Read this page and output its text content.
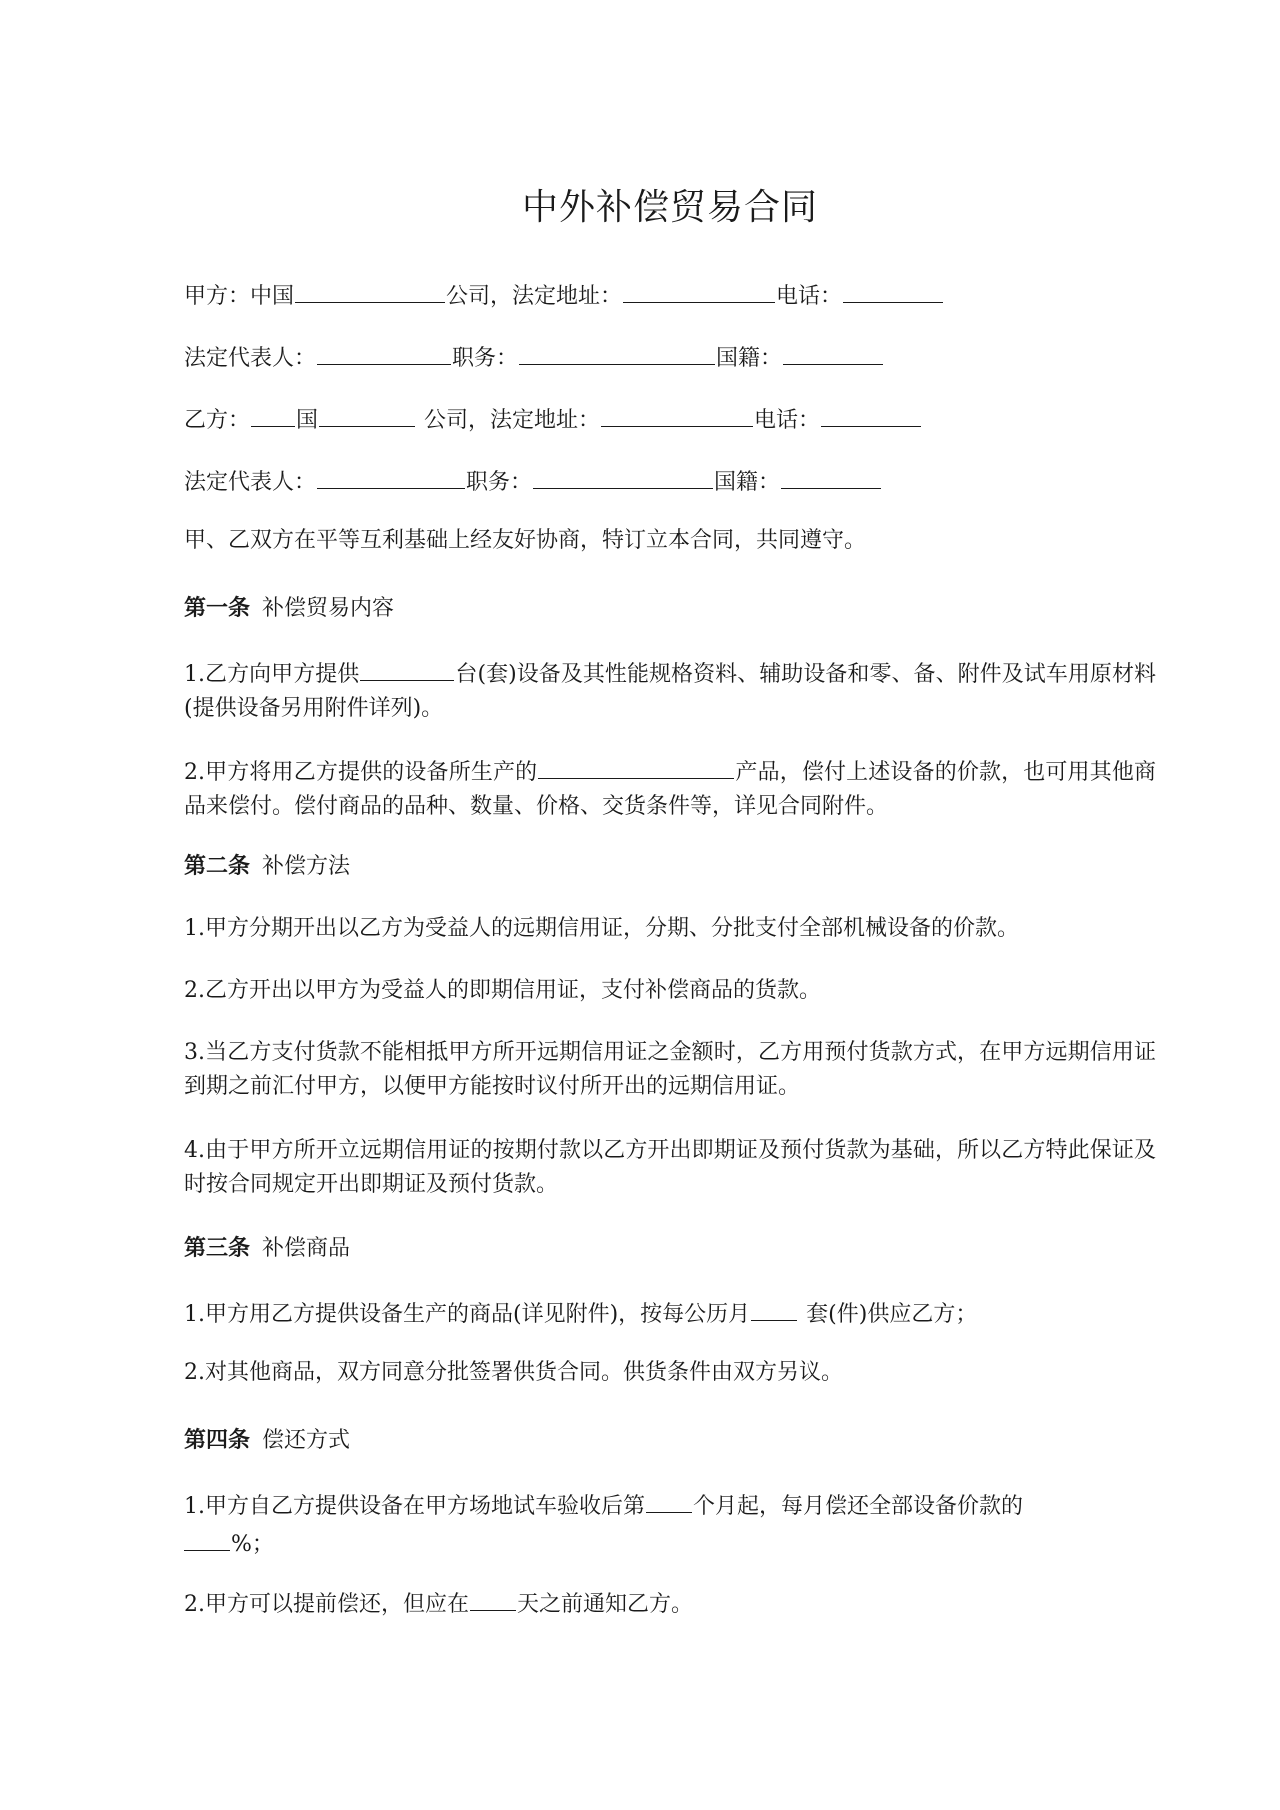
中外补偿贸易合同
甲方：中国	公司，法定地址：	电话：
法定代表人：	职务：	国籍：
乙方： 国	公司，法定地址：	电话：
法定代表人：	职务：	国籍：
甲、乙双方在平等互利基础上经友好协商，特订立本合同，共同遵守。
第一条 补偿贸易内容
1.乙方向甲方提供	台(套)设备及其性能规格资料、辅助设备和零、备、附件及试车用原材料(提供设备另用附件详列)。
2.甲方将用乙方提供的设备所生产的	产品，偿付上述设备的价款，也可用其他商品来偿付。偿付商品的品种、数量、价格、交货条件等，详见合同附件。
第二条 补偿方法
1.甲方分期开出以乙方为受益人的远期信用证，分期、分批支付全部机械设备的价款。
2.乙方开出以甲方为受益人的即期信用证，支付补偿商品的货款。
3.当乙方支付货款不能相抵甲方所开远期信用证之金额时，乙方用预付货款方式，在甲方远期信用证到期之前汇付甲方，以便甲方能按时议付所开出的远期信用证。
4.由于甲方所开立远期信用证的按期付款以乙方开出即期证及预付货款为基础，所以乙方特此保证及时按合同规定开出即期证及预付货款。
第三条 补偿商品
1.甲方用乙方提供设备生产的商品(详见附件)，按每公历月	套(件)供应乙方；
2.对其他商品，双方同意分批签署供货合同。供货条件由双方另议。
第四条 偿还方式
1.甲方自乙方提供设备在甲方场地试车验收后第 个月起，每月偿还全部设备价款的
%；
2.甲方可以提前偿还，但应在 天之前通知乙方。
